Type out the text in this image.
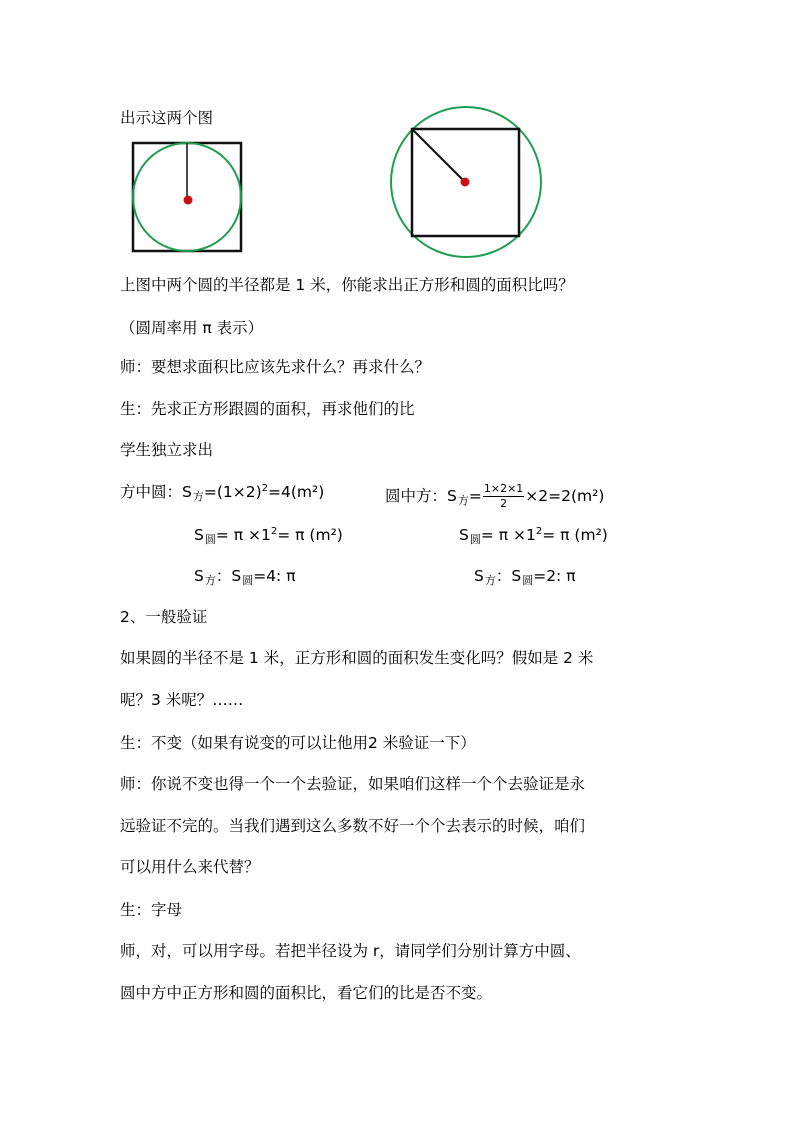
出示这两个图
上图中两个圆的半径都是 1 米，你能求出正方形和圆的面积比吗？
（圆周率用 π 表示）
师：要想求面积比应该先求什么？再求什么？
生：先求正方形跟圆的面积，再求他们的比
学生独立求出
方中圆：S方$=(1\times 2)^2=4(m^2)$
S圆= $\pi \times 1^2= \pi$ (m²)
S方：S圆=4: π
圆中方：S方= $\frac{1\times 2\times 1}{2} \times 2=2(m^2)$
S圆= $\pi \times 1^2= \pi$ (m²)
S方：S圆=2: π
2、一般验证
如果圆的半径不是 1 米，正方形和圆的面积发生变化吗？假如是 2 米
呢？3 米呢？……
生：不变（如果有说变的可以让他用2 米验证一下）
师：你说不变也得一个一个去验证，如果咱们这样一个个去验证是永
远验证不完的。当我们遇到这么多数不好一个个去表示的时候，咱们
可以用什么来代替？
生：字母
师，对，可以用字母。若把半径设为 r，请同学们分别计算方中圆、
圆中方中正方形和圆的面积比，看它们的比是否不变。
